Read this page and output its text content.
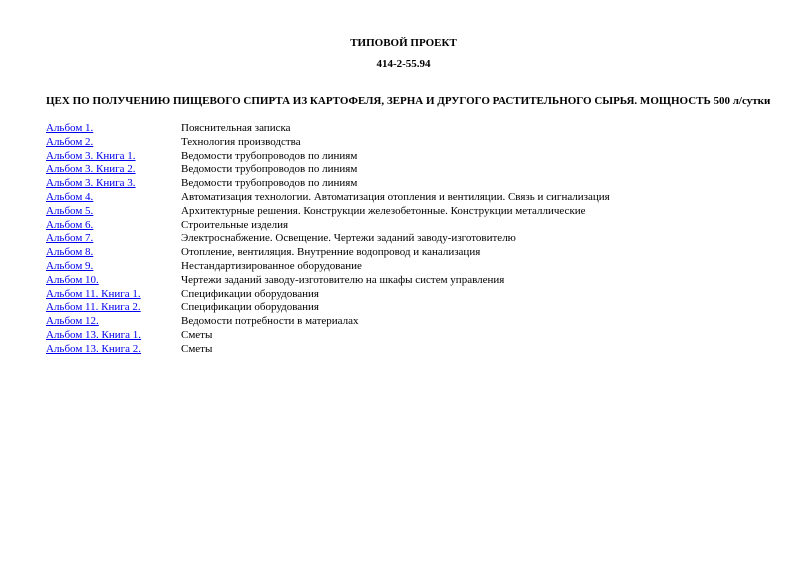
ТИПОВОЙ ПРОЕКТ
414-2-55.94
ЦЕХ ПО ПОЛУЧЕНИЮ ПИЩЕВОГО СПИРТА ИЗ КАРТОФЕЛЯ, ЗЕРНА И ДРУГОГО РАСТИТЕЛЬНОГО СЫРЬЯ. МОЩНОСТЬ 500 л/сутки
Альбом 1.	Пояснительная записка
Альбом 2.	Технология производства
Альбом 3. Книга 1.	Ведомости трубопроводов по линиям
Альбом 3. Книга 2.	Ведомости трубопроводов по линиям
Альбом 3. Книга 3.	Ведомости трубопроводов по линиям
Альбом 4.	Автоматизация технологии. Автоматизация отопления и вентиляции. Связь и сигнализация
Альбом 5.	Архитектурные решения. Конструкции железобетонные. Конструкции металлические
Альбом 6.	Строительные изделия
Альбом 7.	Электроснабжение. Освещение. Чертежи заданий заводу-изготовителю
Альбом 8.	Отопление, вентиляция. Внутренние водопровод и канализация
Альбом 9.	Нестандартизированное оборудование
Альбом 10.	Чертежи заданий заводу-изготовителю на шкафы систем управления
Альбом 11. Книга 1.	Спецификации оборудования
Альбом 11. Книга 2.	Спецификации оборудования
Альбом 12.	Ведомости потребности в материалах
Альбом 13. Книга 1.	Сметы
Альбом 13. Книга 2.	Сметы
